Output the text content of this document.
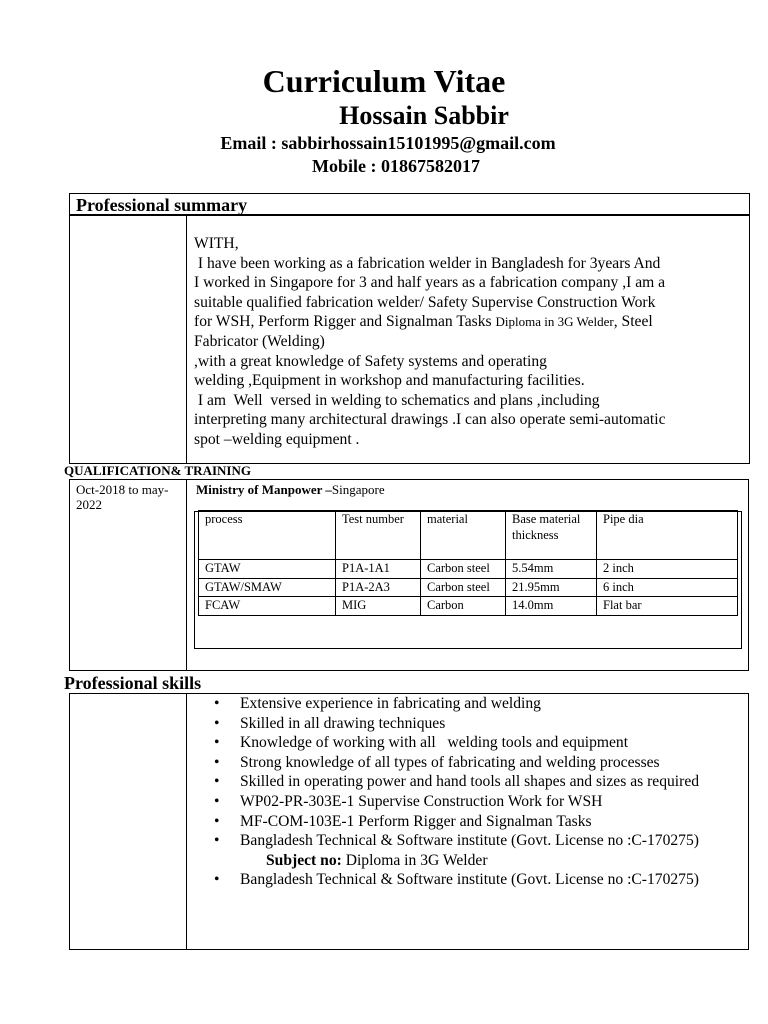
Curriculum Vitae
Hossain Sabbir
Email : sabbirhossain15101995@gmail.com
Mobile : 01867582017
Professional summary
WITH,
I have been working as a fabrication welder in Bangladesh for 3years And
I worked in Singapore for 3 and half years as a fabrication company ,I am a
suitable qualified fabrication welder/ Safety Supervise Construction Work
for WSH, Perform Rigger and Signalman Tasks Diploma in 3G Welder, Steel
Fabricator (Welding)
,with a great knowledge of Safety systems and operating
welding ,Equipment in workshop and manufacturing facilities.
I am  Well  versed in welding to schematics and plans ,including
interpreting many architectural drawings .I can also operate semi-automatic
spot –welding equipment .
QUALIFICATION& TRAINING
Oct-2018 to may-2022
Ministry of Manpower –Singapore
process	Test number	material	Base material thickness	Pipe dia
GTAW	P1A-1A1	Carbon steel	5.54mm	2 inch
GTAW/SMAW	P1A-2A3	Carbon steel	21.95mm	6 inch
FCAW	MIG	Carbon	14.0mm	Flat bar
Professional skills
• Extensive experience in fabricating and welding
• Skilled in all drawing techniques
• Knowledge of working with all   welding tools and equipment
• Strong knowledge of all types of fabricating and welding processes
• Skilled in operating power and hand tools all shapes and sizes as required
• WP02-PR-303E-1 Supervise Construction Work for WSH
• MF-COM-103E-1 Perform Rigger and Signalman Tasks
• Bangladesh Technical & Software institute (Govt. License no :C-170275)
Subject no: Diploma in 3G Welder
• Bangladesh Technical & Software institute (Govt. License no :C-170275)
